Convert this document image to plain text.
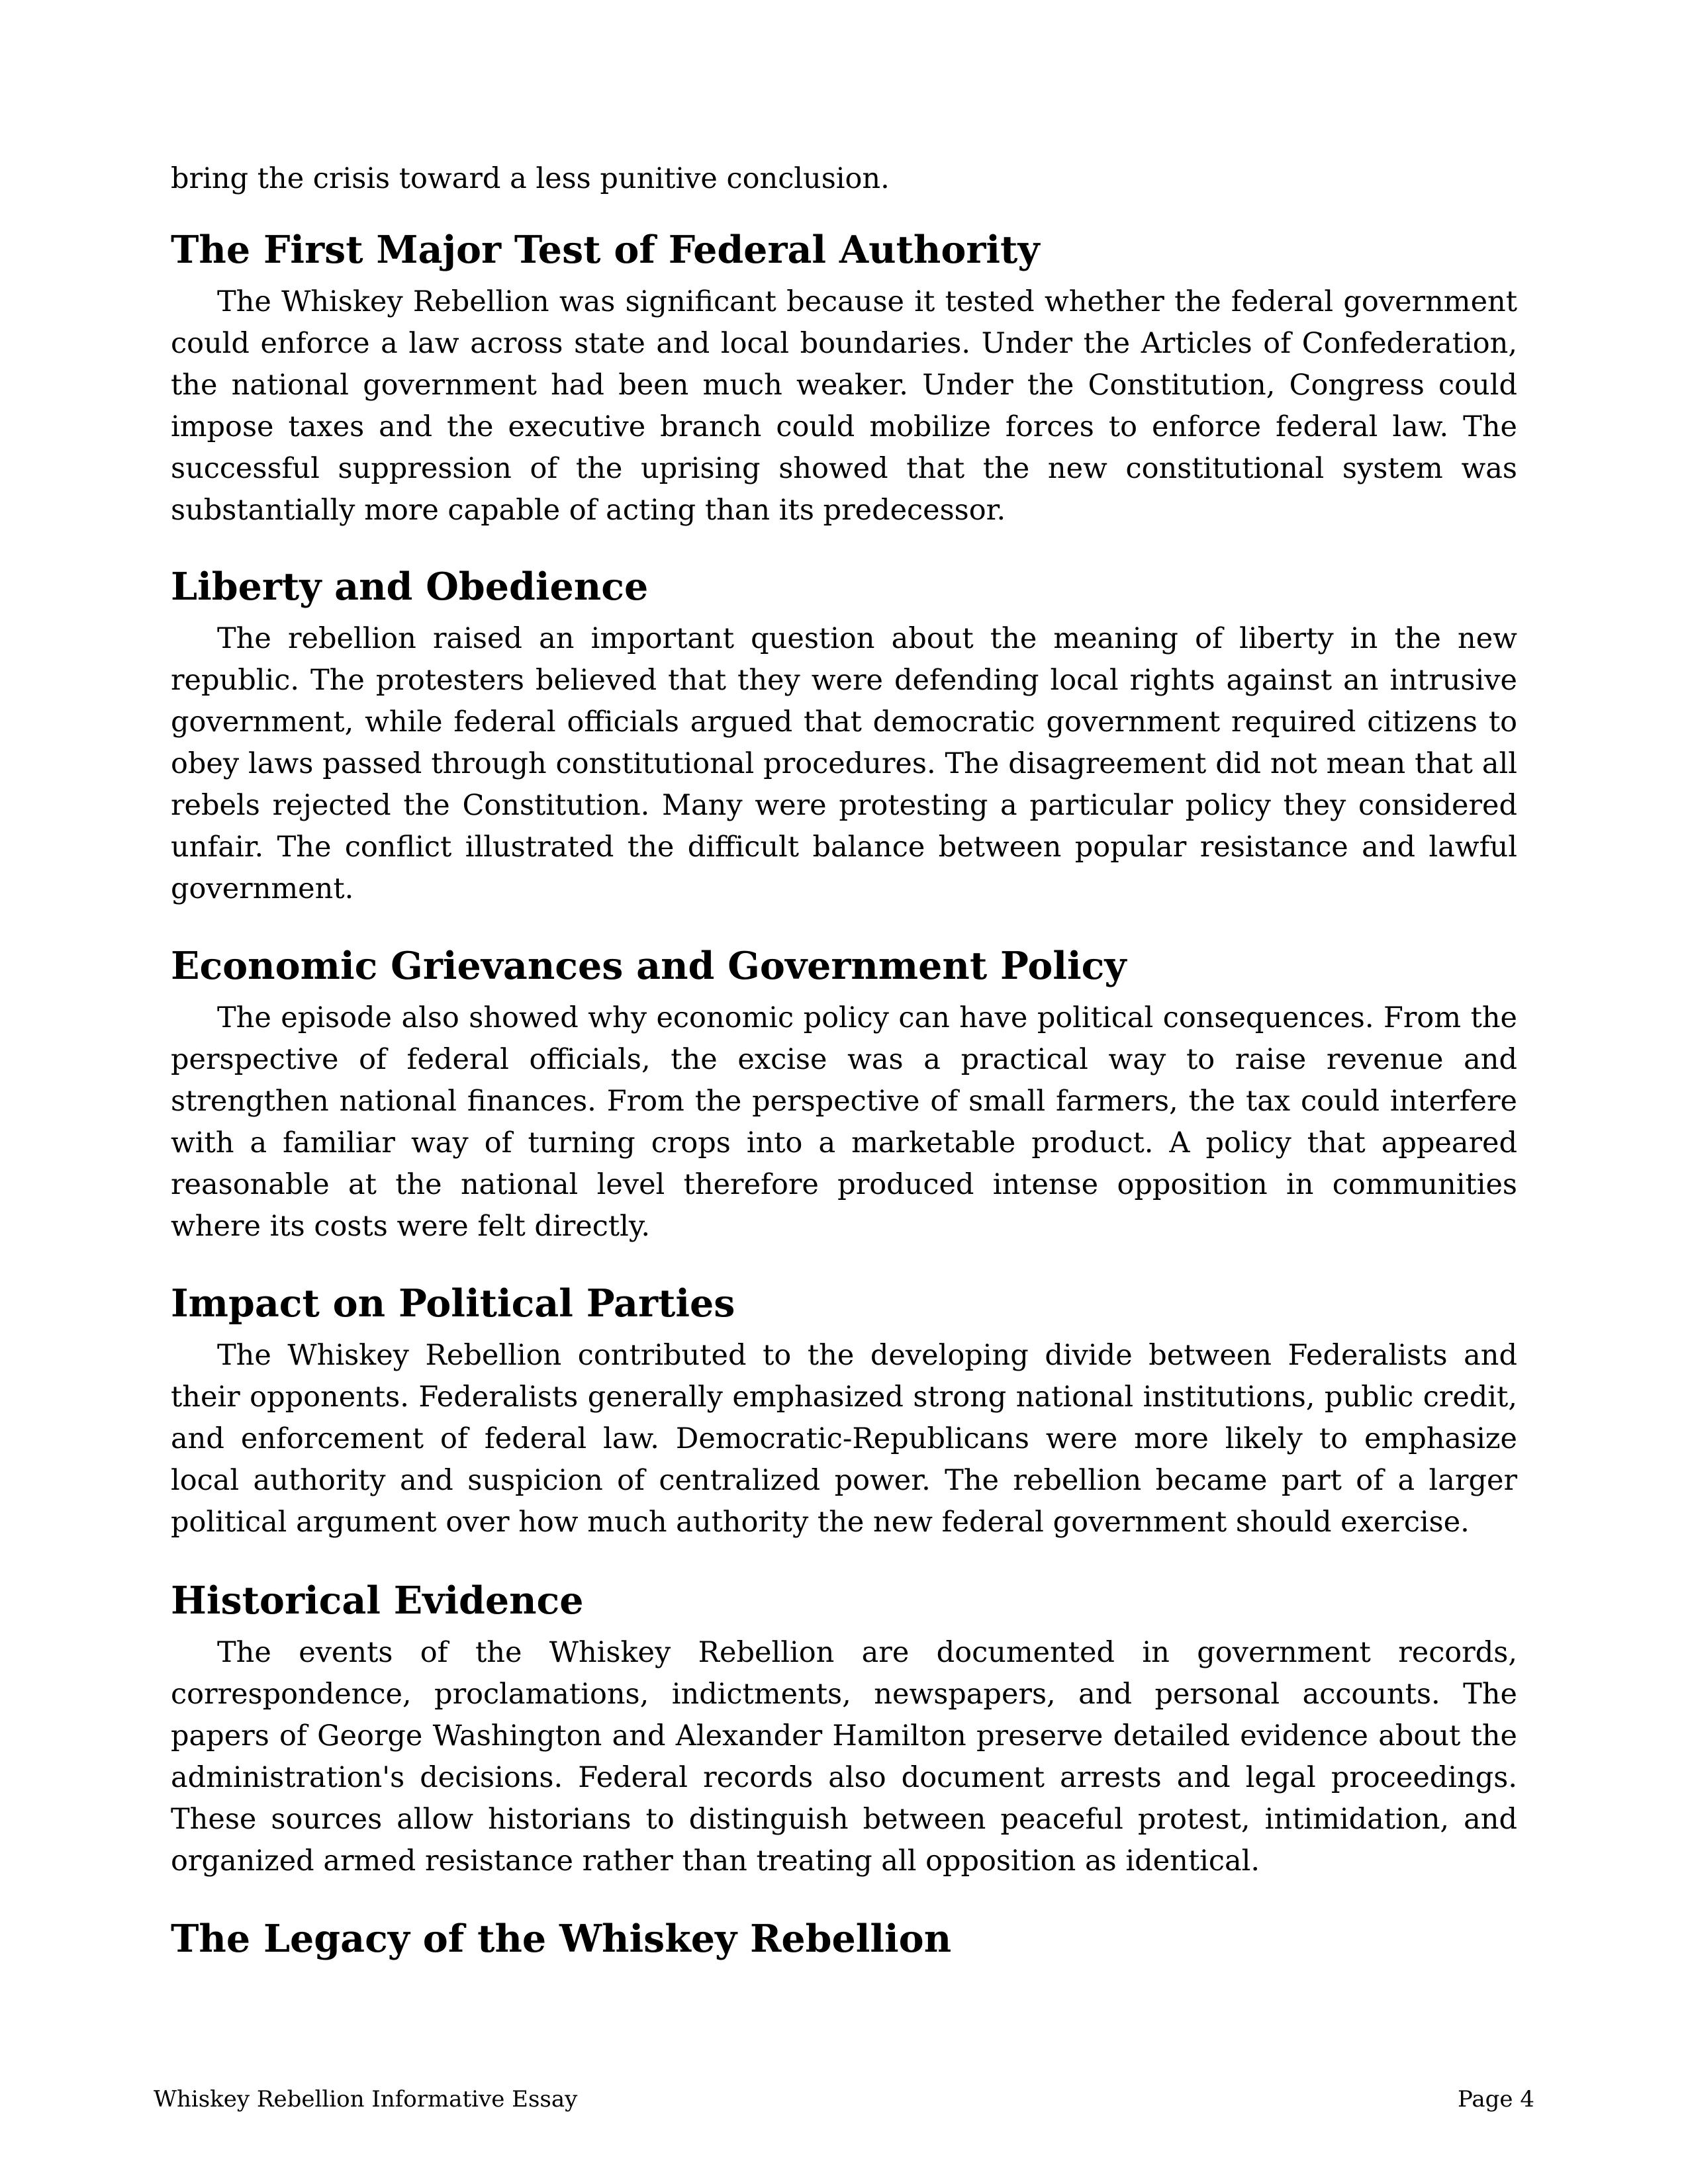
bring the crisis toward a less punitive conclusion.

The First Major Test of Federal Authority

The Whiskey Rebellion was significant because it tested whether the federal government could enforce a law across state and local boundaries. Under the Articles of Confederation, the national government had been much weaker. Under the Constitution, Congress could impose taxes and the executive branch could mobilize forces to enforce federal law. The successful suppression of the uprising showed that the new constitutional system was substantially more capable of acting than its predecessor.

Liberty and Obedience

The rebellion raised an important question about the meaning of liberty in the new republic. The protesters believed that they were defending local rights against an intrusive government, while federal officials argued that democratic government required citizens to obey laws passed through constitutional procedures. The disagreement did not mean that all rebels rejected the Constitution. Many were protesting a particular policy they considered unfair. The conflict illustrated the difficult balance between popular resistance and lawful government.

Economic Grievances and Government Policy

The episode also showed why economic policy can have political consequences. From the perspective of federal officials, the excise was a practical way to raise revenue and strengthen national finances. From the perspective of small farmers, the tax could interfere with a familiar way of turning crops into a marketable product. A policy that appeared reasonable at the national level therefore produced intense opposition in communities where its costs were felt directly.

Impact on Political Parties

The Whiskey Rebellion contributed to the developing divide between Federalists and their opponents. Federalists generally emphasized strong national institutions, public credit, and enforcement of federal law. Democratic-Republicans were more likely to emphasize local authority and suspicion of centralized power. The rebellion became part of a larger political argument over how much authority the new federal government should exercise.

Historical Evidence

The events of the Whiskey Rebellion are documented in government records, correspondence, proclamations, indictments, newspapers, and personal accounts. The papers of George Washington and Alexander Hamilton preserve detailed evidence about the administration's decisions. Federal records also document arrests and legal proceedings. These sources allow historians to distinguish between peaceful protest, intimidation, and organized armed resistance rather than treating all opposition as identical.

The Legacy of the Whiskey Rebellion
Whiskey Rebellion Informative Essay	Page 4
